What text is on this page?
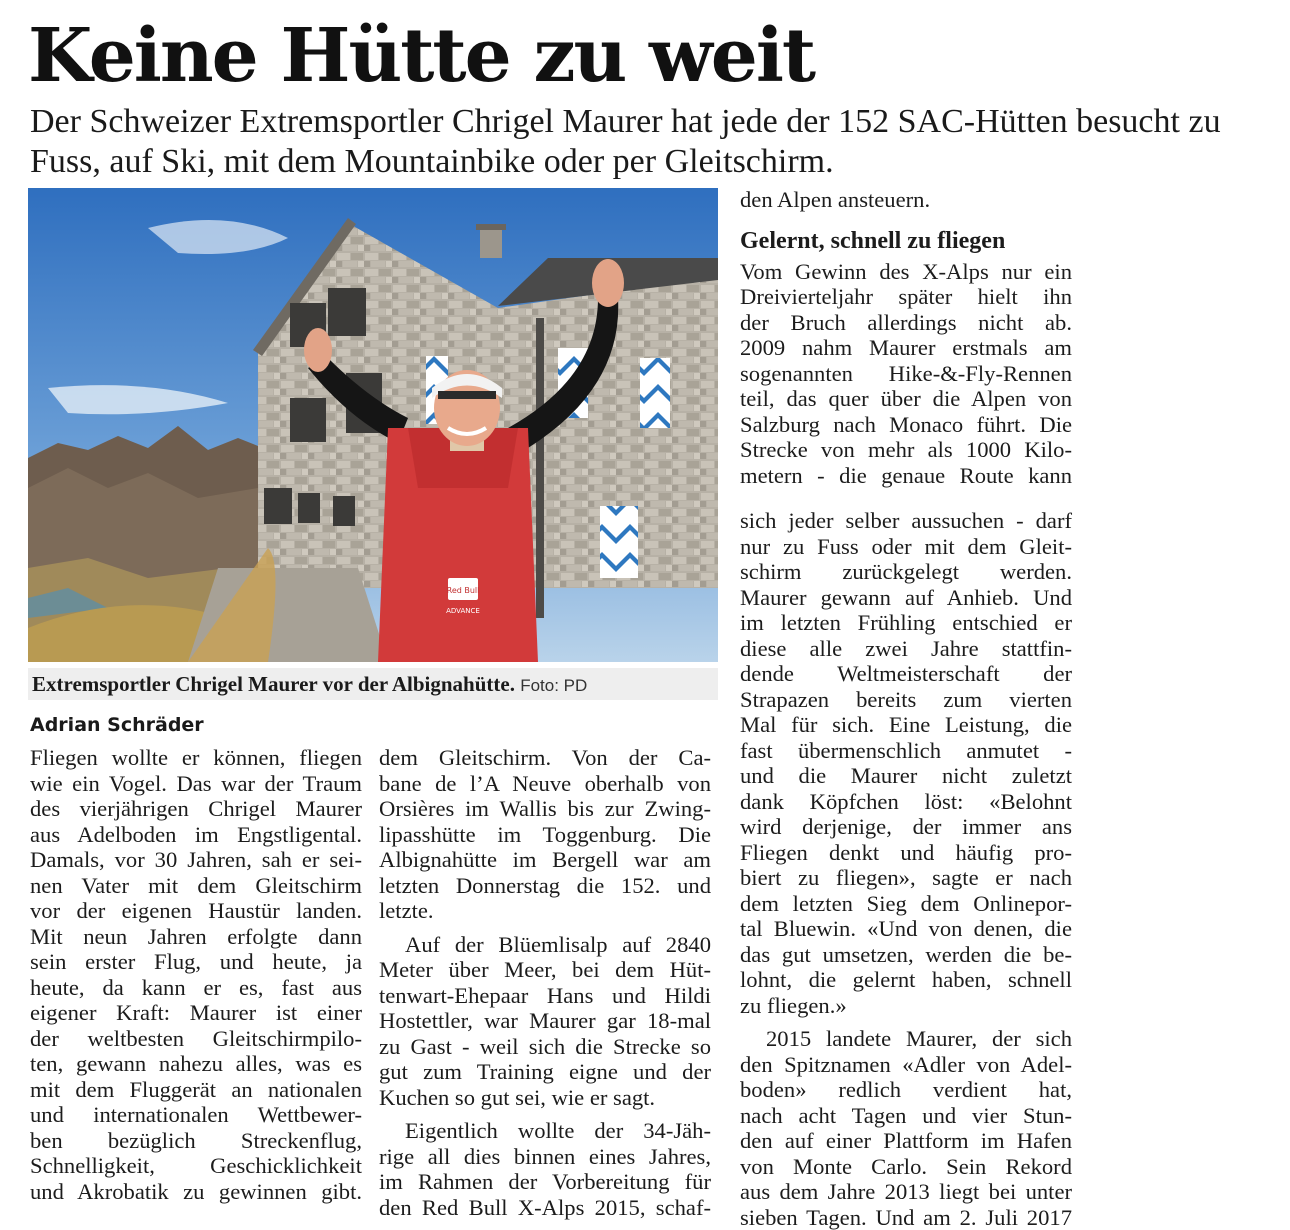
Keine Hütte zu weit

Der Schweizer Extremsportler Chrigel Maurer hat jede der 152 SAC-Hütten besucht zu Fuss, auf Ski, mit dem Mountainbike oder per Gleitschirm.

Red Bull
ADVANCE
Extremsportler Chrigel Maurer vor der Albignahütte. Foto: PD
Adrian Schräder
Fliegen wollte er können, fliegen
wie ein Vogel. Das war der Traum
des vierjährigen Chrigel Maurer
aus Adelboden im Engstligental.
Damals, vor 30 Jahren, sah er sei-
nen Vater mit dem Gleitschirm
vor der eigenen Haustür landen.
Mit neun Jahren erfolgte dann
sein erster Flug, und heute, ja
heute, da kann er es, fast aus
eigener Kraft: Maurer ist einer
der weltbesten Gleitschirmpilo-
ten, gewann nahezu alles, was es
mit dem Fluggerät an nationalen
und internationalen Wettbewer-
ben bezüglich Streckenflug,
Schnelligkeit, Geschicklichkeit
und Akrobatik zu gewinnen gibt.
dem Gleitschirm. Von der Ca-
bane de l’A Neuve oberhalb von
Orsières im Wallis bis zur Zwing-
lipasshütte im Toggenburg. Die
Albignahütte im Bergell war am
letzten Donnerstag die 152. und
letzte.
Auf der Blüemlisalp auf 2840
Meter über Meer, bei dem Hüt-
tenwart-Ehepaar Hans und Hildi
Hostettler, war Maurer gar 18-mal
zu Gast - weil sich die Strecke so
gut zum Training eigne und der
Kuchen so gut sei, wie er sagt.
Eigentlich wollte der 34-Jäh-
rige all dies binnen eines Jahres,
im Rahmen der Vorbereitung für
den Red Bull X-Alps 2015, schaf-
den Alpen ansteuern.
Gelernt, schnell zu fliegen
Vom Gewinn des X-Alps nur ein
Dreivierteljahr später hielt ihn
der Bruch allerdings nicht ab.
2009 nahm Maurer erstmals am
sogenannten Hike-&-Fly-Rennen
teil, das quer über die Alpen von
Salzburg nach Monaco führt. Die
Strecke von mehr als 1000 Kilo-
metern - die genaue Route kann
sich jeder selber aussuchen - darf
nur zu Fuss oder mit dem Gleit-
schirm zurückgelegt werden.
Maurer gewann auf Anhieb. Und
im letzten Frühling entschied er
diese alle zwei Jahre stattfin-
dende Weltmeisterschaft der
Strapazen bereits zum vierten
Mal für sich. Eine Leistung, die
fast übermenschlich anmutet -
und die Maurer nicht zuletzt
dank Köpfchen löst: «Belohnt
wird derjenige, der immer ans
Fliegen denkt und häufig pro-
biert zu fliegen», sagte er nach
dem letzten Sieg dem Onlinepor-
tal Bluewin. «Und von denen, die
das gut umsetzen, werden die be-
lohnt, die gelernt haben, schnell
zu fliegen.»
2015 landete Maurer, der sich
den Spitznamen «Adler von Adel-
boden» redlich verdient hat,
nach acht Tagen und vier Stun-
den auf einer Plattform im Hafen
von Monte Carlo. Sein Rekord
aus dem Jahre 2013 liegt bei unter
sieben Tagen. Und am 2. Juli 2017
